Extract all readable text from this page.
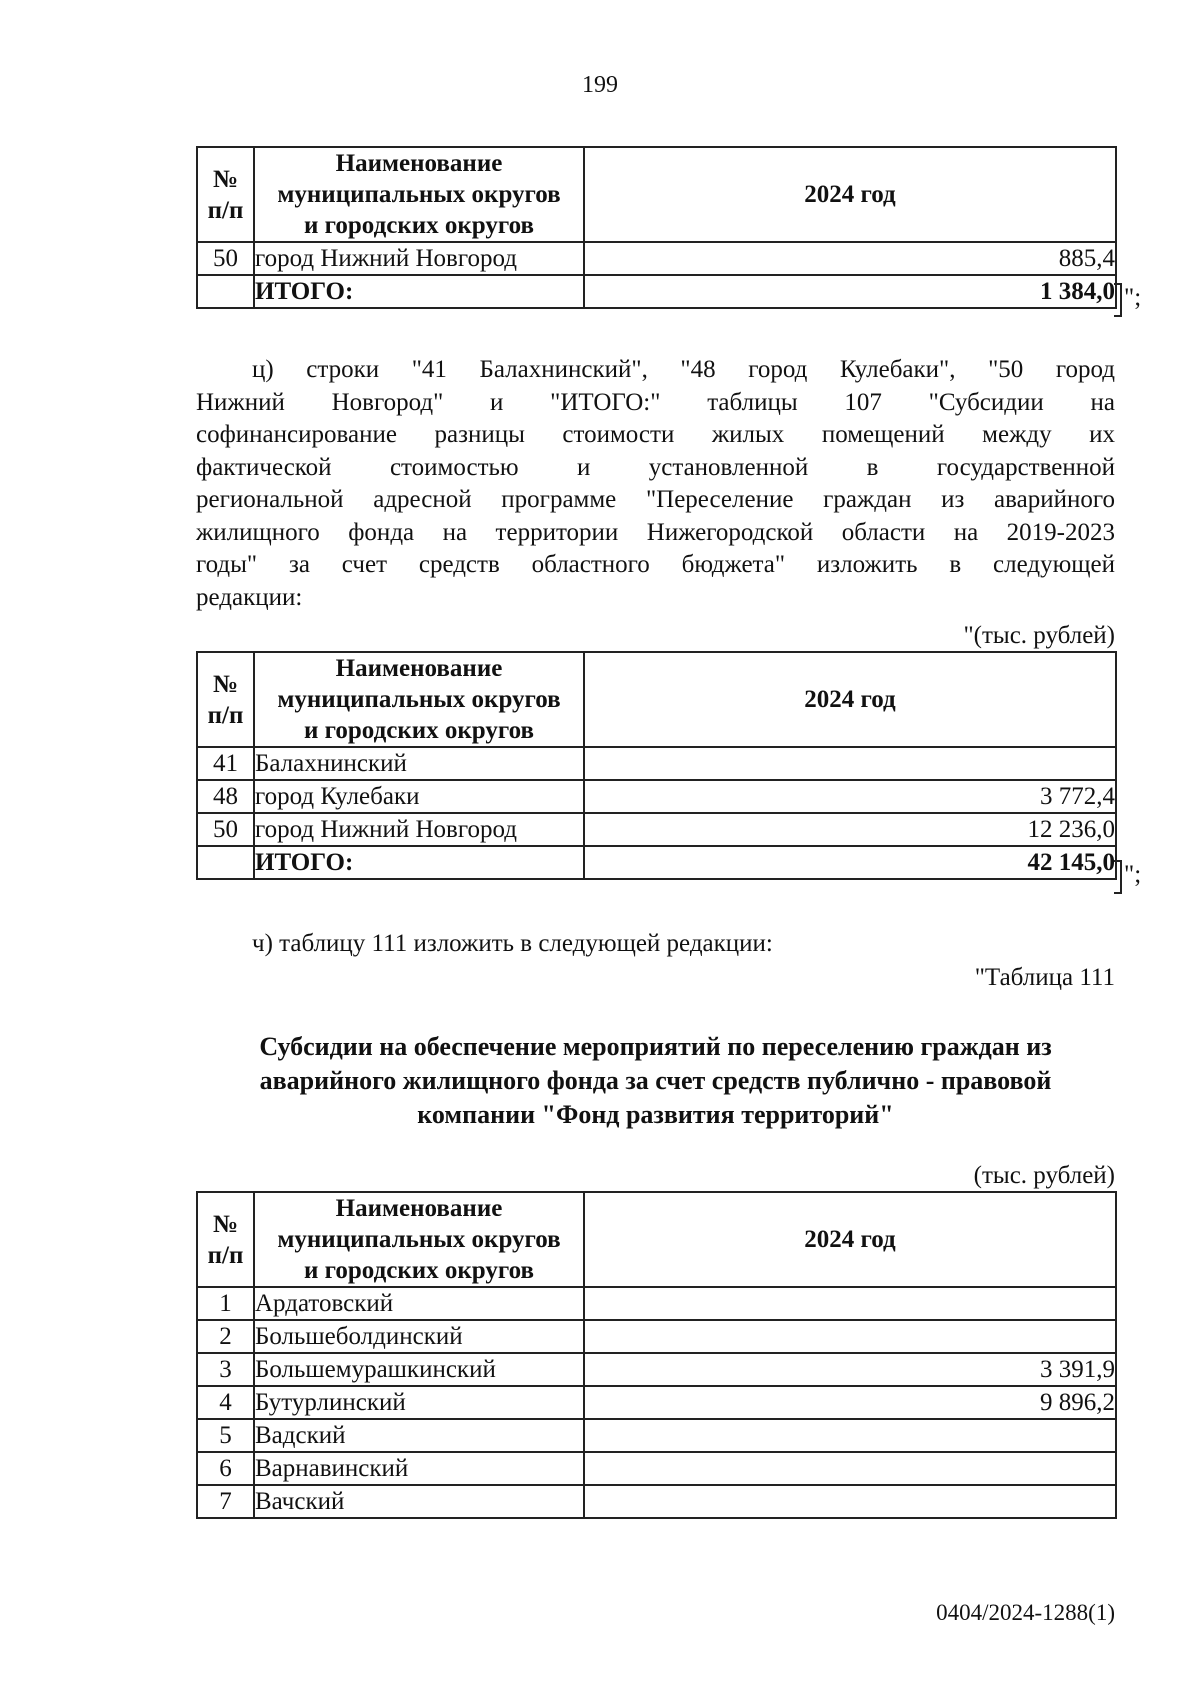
199
№
п/п	Наименование
муниципальных округов
и городских округов	2024 год
50	город Нижний Новгород	885,4
	ИТОГО:	1 384,0 ";
ц) строки "41 Балахнинский", "48 город Кулебаки", "50 город
Нижний Новгород" и "ИТОГО:" таблицы 107 "Субсидии на
софинансирование разницы стоимости жилых помещений между их
фактической стоимостью и установленной в государственной
региональной адресной программе "Переселение граждан из аварийного
жилищного фонда на территории Нижегородской области на 2019-2023
годы" за счет средств областного бюджета" изложить в следующей
редакции:
"(тыс. рублей)
№
п/п	Наименование
муниципальных округов
и городских округов	2024 год
41	Балахнинский	
48	город Кулебаки	3 772,4
50	город Нижний Новгород	12 236,0
	ИТОГО:	42 145,0 ";
ч) таблицу 111 изложить в следующей редакции:
"Таблица 111
Субсидии на обеспечение мероприятий по переселению граждан из
аварийного жилищного фонда за счет средств публично - правовой
компании "Фонд развития территорий"
(тыс. рублей)
№
п/п	Наименование
муниципальных округов
и городских округов	2024 год
1	Ардатовский	
2	Большеболдинский	
3	Большемурашкинский	3 391,9
4	Бутурлинский	9 896,2
5	Вадский	
6	Варнавинский	
7	Вачский	
0404/2024-1288(1)
